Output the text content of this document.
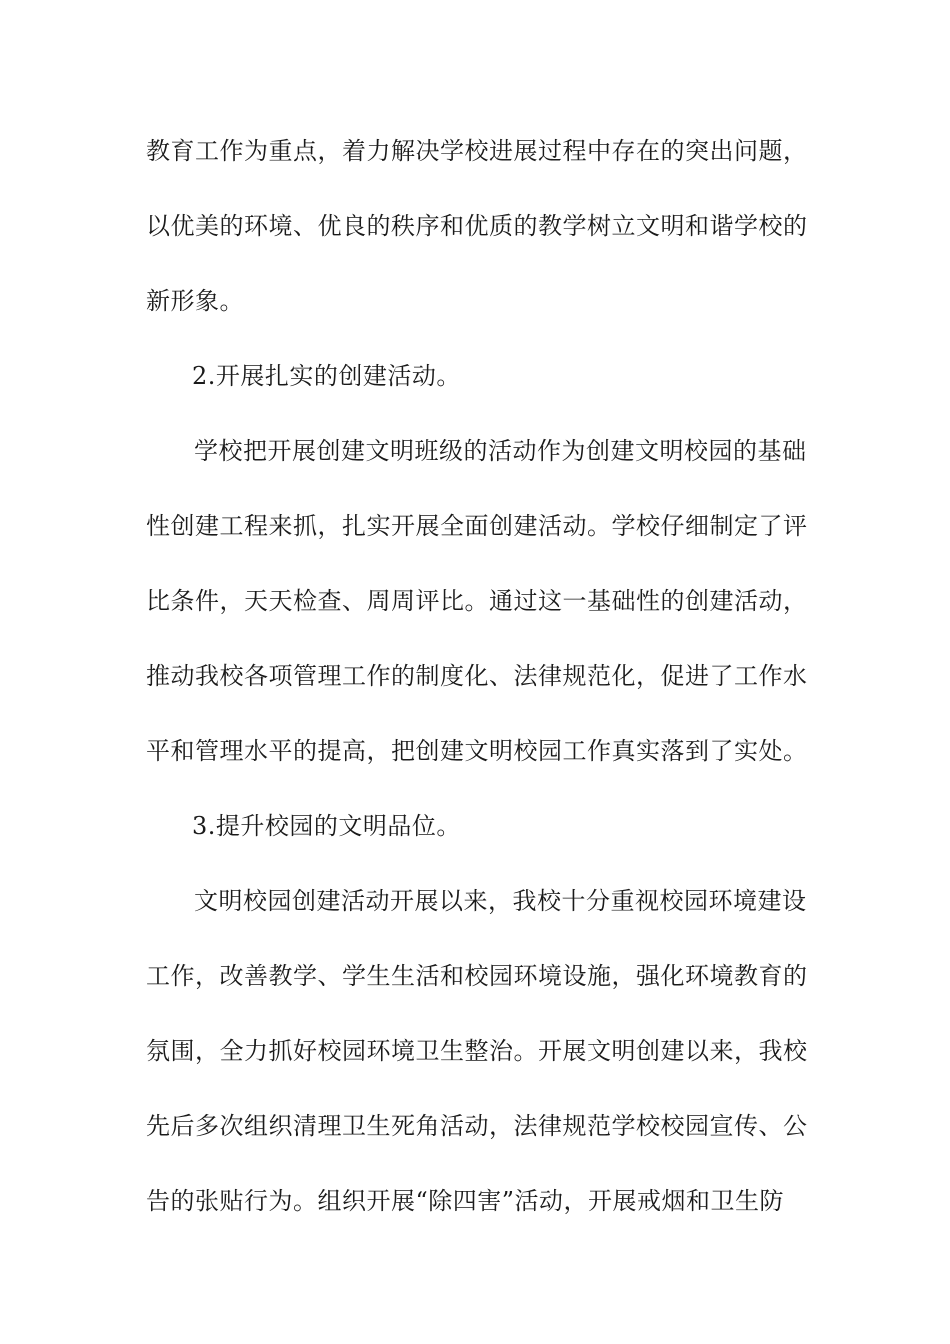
教育工作为重点，着力解决学校进展过程中存在的突出问题，
以优美的环境、优良的秩序和优质的教学树立文明和谐学校的
新形象。
2.开展扎实的创建活动。
学校把开展创建文明班级的活动作为创建文明校园的基础
性创建工程来抓，扎实开展全面创建活动。学校仔细制定了评
比条件，天天检查、周周评比。通过这一基础性的创建活动，
推动我校各项管理工作的制度化、法律规范化，促进了工作水
平和管理水平的提高，把创建文明校园工作真实落到了实处。
3.提升校园的文明品位。
文明校园创建活动开展以来，我校十分重视校园环境建设
工作，改善教学、学生生活和校园环境设施，强化环境教育的
氛围，全力抓好校园环境卫生整治。开展文明创建以来，我校
先后多次组织清理卫生死角活动，法律规范学校校园宣传、公
告的张贴行为。组织开展“除四害”活动，开展戒烟和卫生防
